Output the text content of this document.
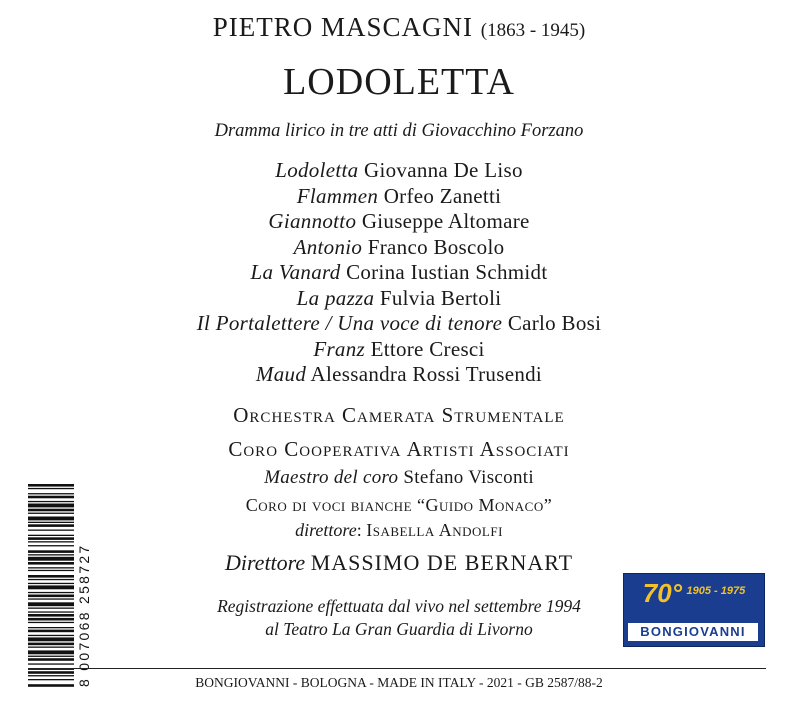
PIETRO MASCAGNI (1863 - 1945)
LODOLETTA
Dramma lirico in tre atti di Giovacchino Forzano
Lodoletta Giovanna De Liso
Flammen Orfeo Zanetti
Giannotto Giuseppe Altomare
Antonio Franco Boscolo
La Vanard Corina Iustian Schmidt
La pazza Fulvia Bertoli
Il Portalettere / Una voce di tenore Carlo Bosi
Franz Ettore Cresci
Maud Alessandra Rossi Trusendi
Orchestra Camerata Strumentale
Coro Cooperativa Artisti Associati
Maestro del coro Stefano Visconti
Coro di voci bianche “Guido Monaco”
direttore: Isabella Andolfi
Direttore MASSIMO DE BERNART
Registrazione effettuata dal vivo nel settembre 1994
al Teatro La Gran Guardia di Livorno
8 007068 258727	70° $^{1905 - 1975}$
BONGIOVANNI
BONGIOVANNI - BOLOGNA - MADE IN ITALY - 2021 - GB 2587/88-2
